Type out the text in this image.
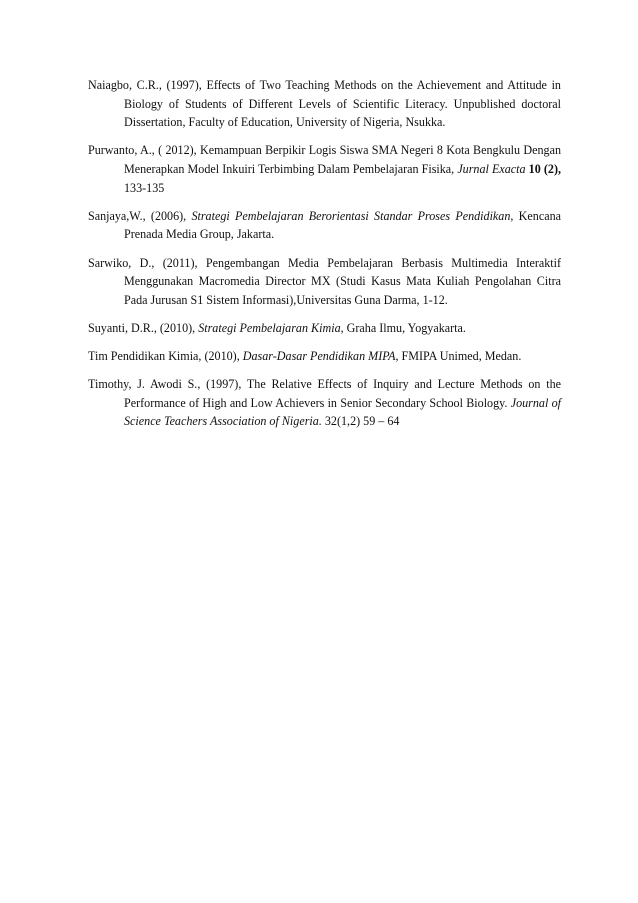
Naiagbo, C.R., (1997), Effects of Two Teaching Methods on the Achievement and Attitude in Biology of Students of Different Levels of Scientific Literacy. Unpublished doctoral Dissertation, Faculty of Education, University of Nigeria, Nsukka.

Purwanto, A., ( 2012), Kemampuan Berpikir Logis Siswa SMA Negeri 8 Kota Bengkulu Dengan Menerapkan Model Inkuiri Terbimbing Dalam Pembelajaran Fisika, Jurnal Exacta 10 (2), 133-135

Sanjaya,W., (2006), Strategi Pembelajaran Berorientasi Standar Proses Pendidikan, Kencana Prenada Media Group, Jakarta.

Sarwiko, D., (2011), Pengembangan Media Pembelajaran Berbasis Multimedia Interaktif Menggunakan Macromedia Director MX (Studi Kasus Mata Kuliah Pengolahan Citra Pada Jurusan S1 Sistem Informasi),Universitas Guna Darma, 1-12.

Suyanti, D.R., (2010), Strategi Pembelajaran Kimia, Graha Ilmu, Yogyakarta.

Tim Pendidikan Kimia, (2010), Dasar-Dasar Pendidikan MIPA, FMIPA Unimed, Medan.

Timothy, J. Awodi S., (1997), The Relative Effects of Inquiry and Lecture Methods on the Performance of High and Low Achievers in Senior Secondary School Biology. Journal of Science Teachers Association of Nigeria. 32(1,2) 59 – 64
